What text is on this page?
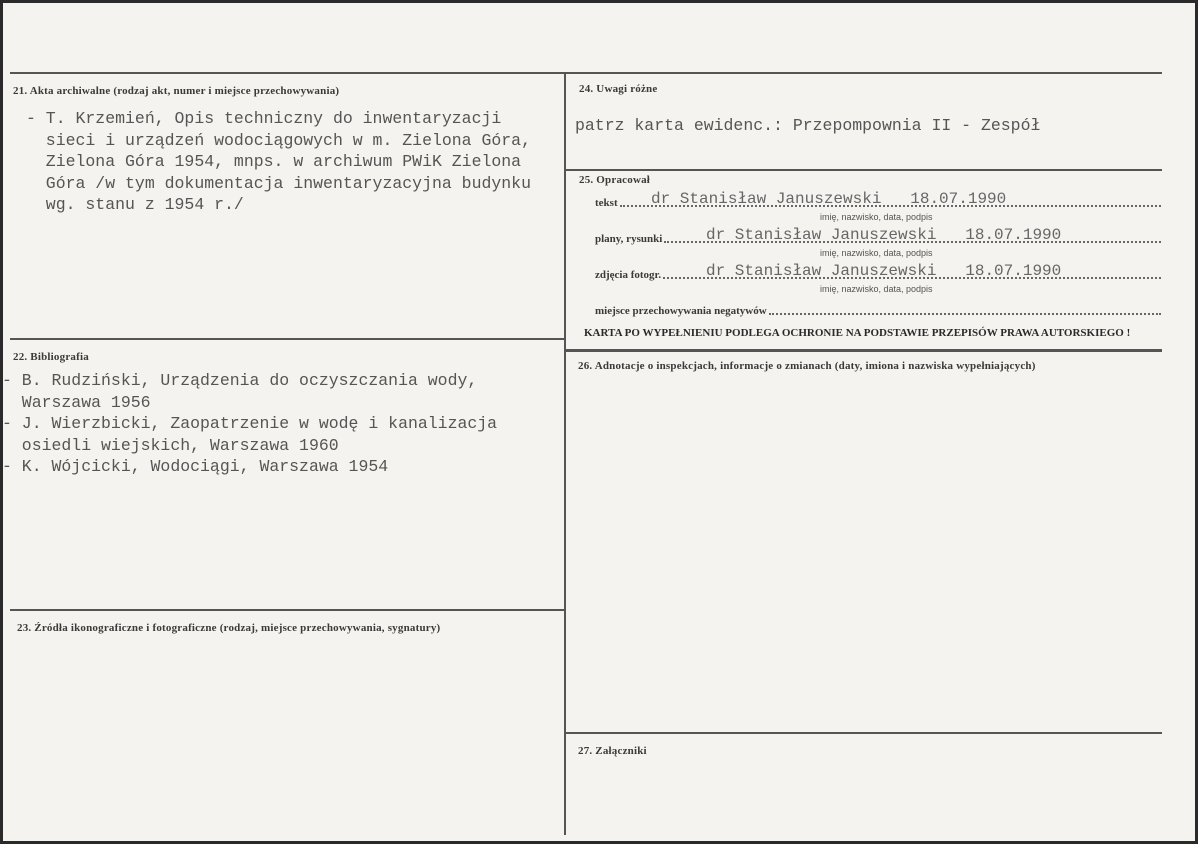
21. Akta archiwalne (rodzaj akt, numer i miejsce przechowywania)
- T. Krzemień, Opis techniczny do inwentaryzacji
sieci i urządzeń wodociągowych w m. Zielona Góra,
Zielona Góra 1954, mnps. w archiwum PWiK Zielona
Góra /w tym dokumentacja inwentaryzacyjna budynku
wg. stanu z 1954 r./
22. Bibliografia
- B. Rudziński, Urządzenia do oczyszczania wody,
Warszawa 1956
- J. Wierzbicki, Zaopatrzenie w wodę i kanalizacja
osiedli wiejskich, Warszawa 1960
- K. Wójcicki, Wodociągi, Warszawa 1954
23. Źródła ikonograficzne i fotograficzne (rodzaj, miejsce przechowywania, sygnatury)
24. Uwagi różne
patrz karta ewidenc.: Przepompownia II - Zespół
25. Opracował
dr Stanisław Januszewski   18.07.1990
tekst
imię, nazwisko, data, podpis
dr Stanisław Januszewski   18.07.1990
plany, rysunki
imię, nazwisko, data, podpis
dr Stanisław Januszewski   18.07.1990
zdjęcia fotogr.
imię, nazwisko, data, podpis
miejsce przechowywania negatywów
KARTA PO WYPEŁNIENIU PODLEGA OCHRONIE NA PODSTAWIE PRZEPISÓW PRAWA AUTORSKIEGO !
26. Adnotacje o inspekcjach, informacje o zmianach (daty, imiona i nazwiska wypełniających)
27. Załączniki
